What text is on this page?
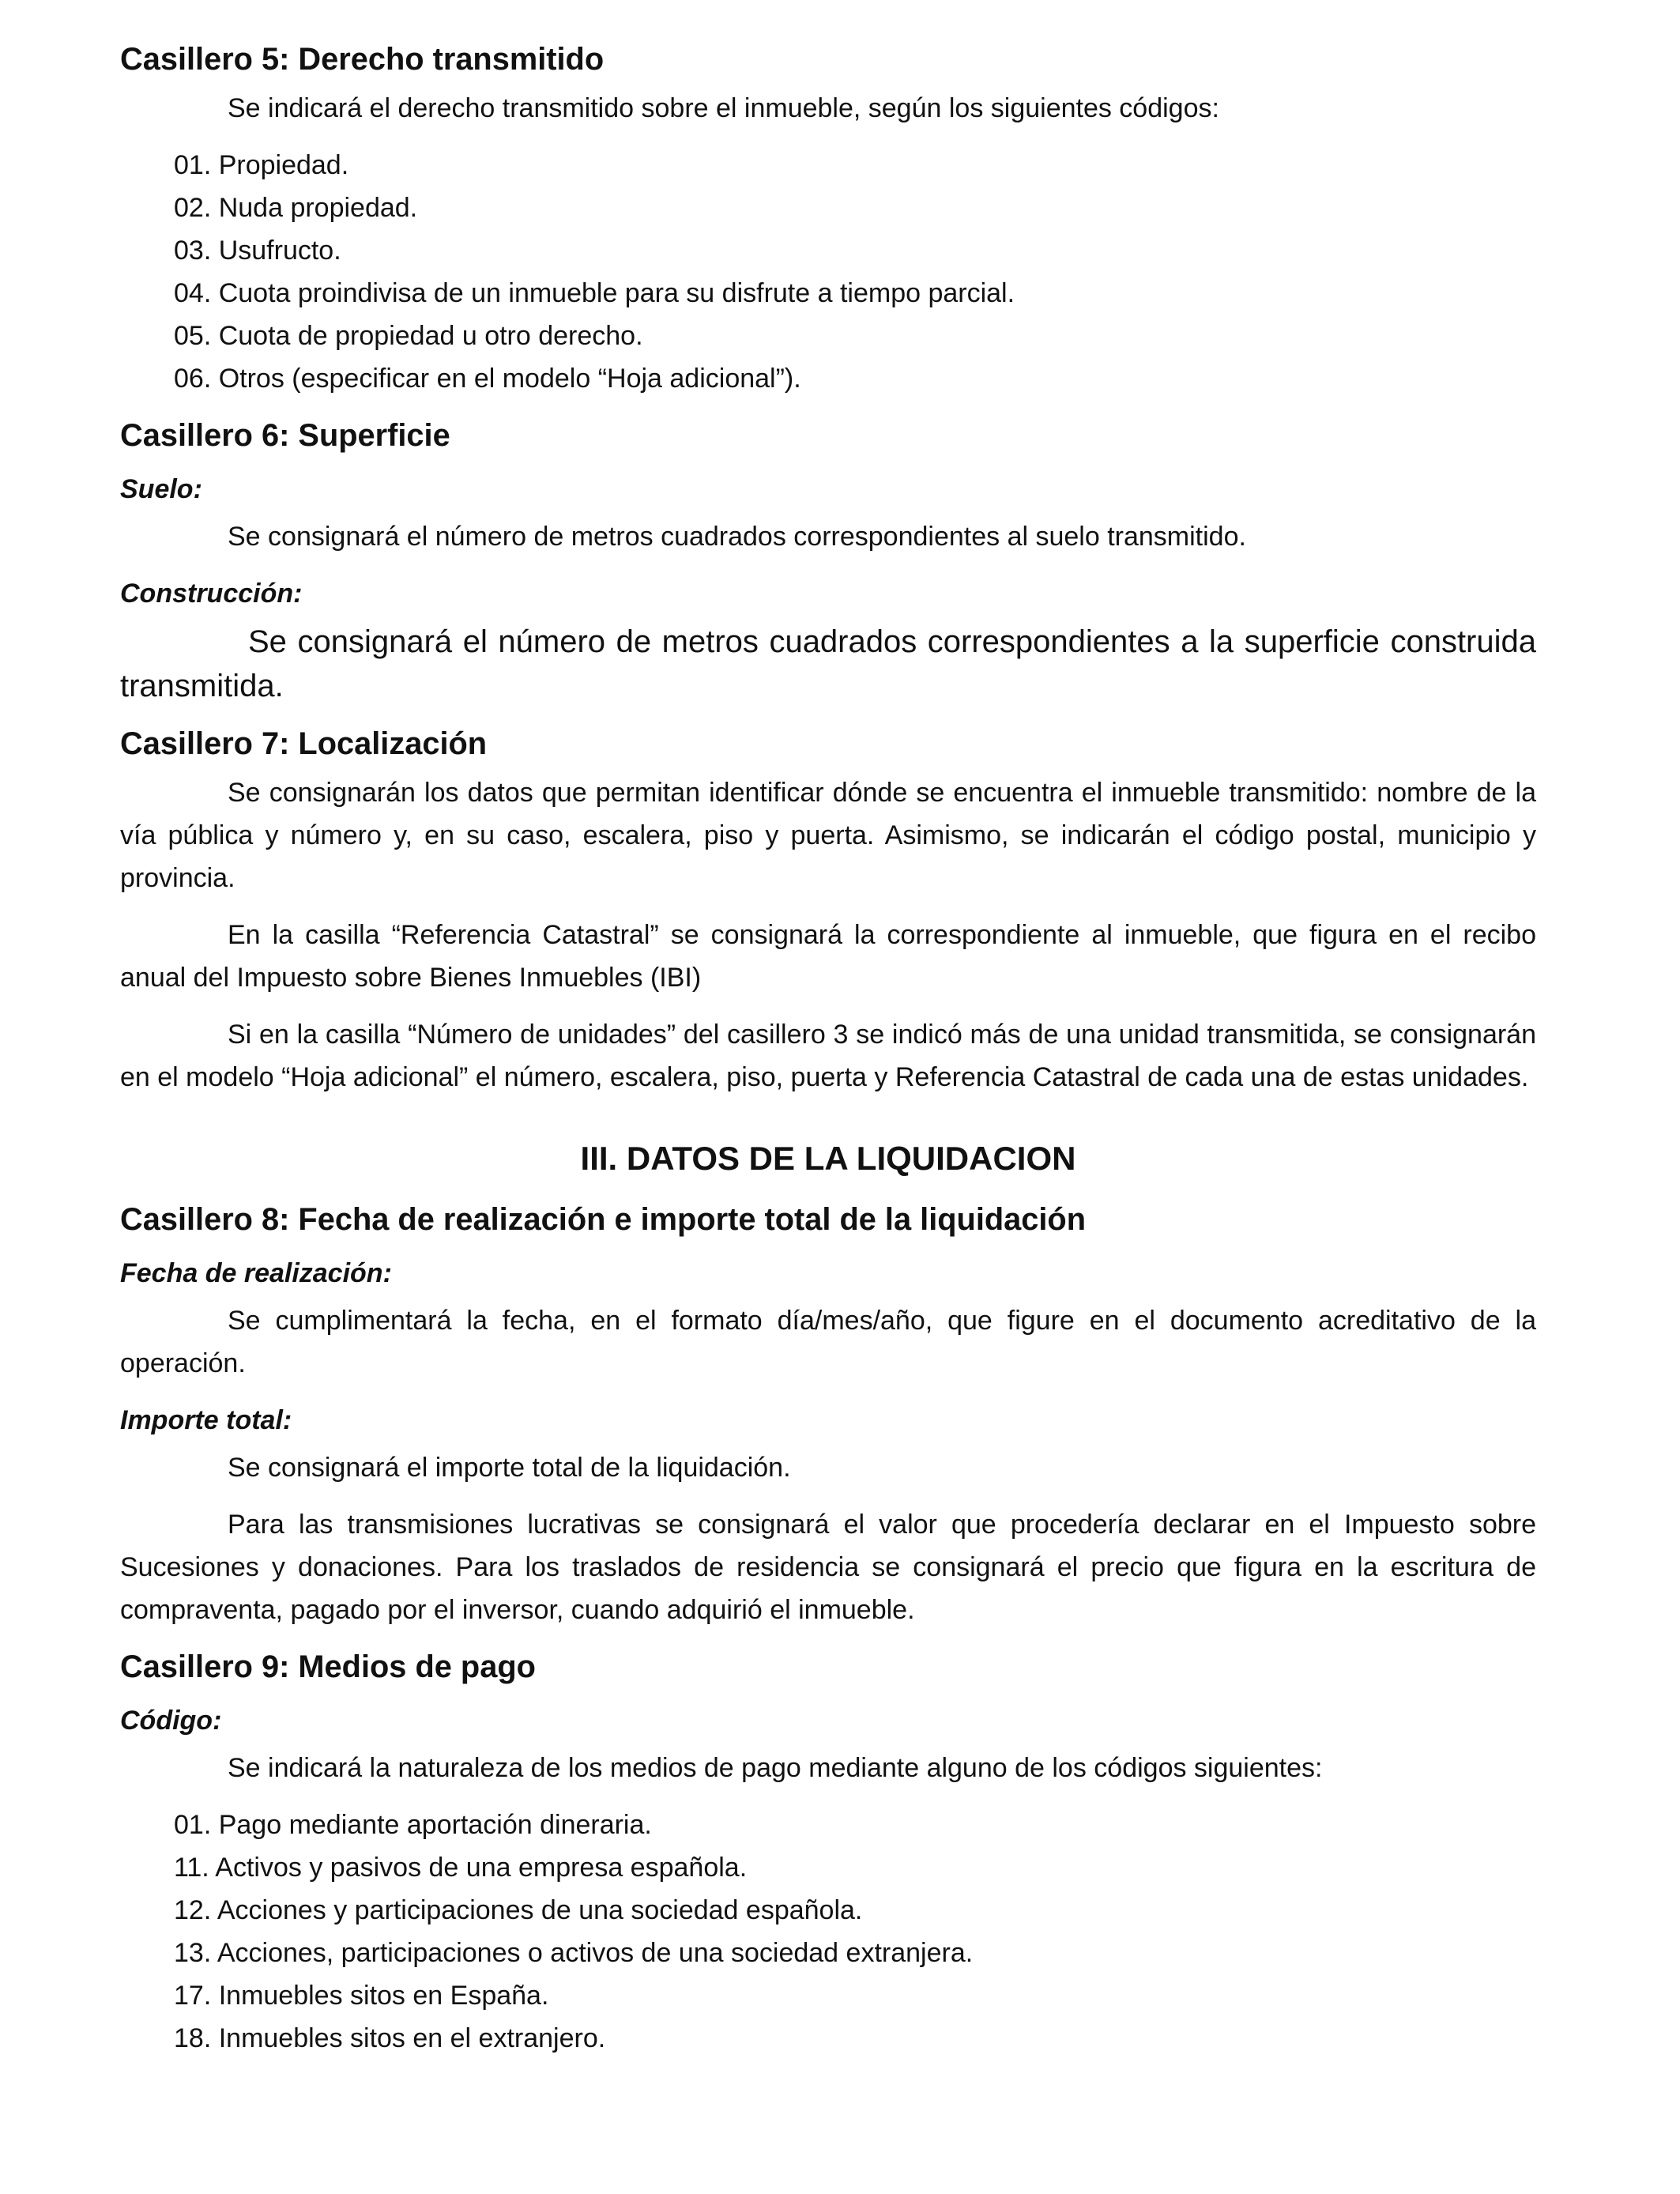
Casillero 5: Derecho transmitido

Se indicará el derecho transmitido sobre el inmueble, según los siguientes códigos:

01. Propiedad.
02. Nuda propiedad.
03. Usufructo.
04. Cuota proindivisa de un inmueble para su disfrute a tiempo parcial.
05. Cuota de propiedad u otro derecho.
06. Otros (especificar en el modelo “Hoja adicional”).
Casillero 6: Superficie
Suelo:

Se consignará el número de metros cuadrados correspondientes al suelo transmitido.

Construcción:

Se consignará el número de metros cuadrados correspondientes a la superficie construida transmitida.

Casillero 7: Localización

Se consignarán los datos que permitan identificar dónde se encuentra el inmueble transmitido: nombre de la vía pública y número y, en su caso, escalera, piso y puerta. Asimismo, se indicarán el código postal, municipio y provincia.

En la casilla “Referencia Catastral” se consignará la correspondiente al inmueble, que figura en el recibo anual del Impuesto sobre Bienes Inmuebles (IBI)

Si en la casilla “Número de unidades” del casillero 3 se indicó más de una unidad transmitida, se consignarán en el modelo “Hoja adicional” el número, escalera, piso, puerta y Referencia Catastral de cada una de estas unidades.

III. DATOS DE LA LIQUIDACION
Casillero 8: Fecha de realización e importe total de la liquidación
Fecha de realización:

Se cumplimentará la fecha, en el formato día/mes/año, que figure en el documento acreditativo de la operación.

Importe total:

Se consignará el importe total de la liquidación.

Para las transmisiones lucrativas se consignará el valor que procedería declarar en el Impuesto sobre Sucesiones y donaciones. Para los traslados de residencia se consignará el precio que figura en la escritura de compraventa, pagado por el inversor, cuando adquirió el inmueble.

Casillero 9: Medios de pago
Código:

Se indicará la naturaleza de los medios de pago mediante alguno de los códigos siguientes:

01. Pago mediante aportación dineraria.
11. Activos y pasivos de una empresa española.
12. Acciones y participaciones de una sociedad española.
13. Acciones, participaciones o activos de una sociedad extranjera.
17. Inmuebles sitos en España.
18. Inmuebles sitos en el extranjero.
